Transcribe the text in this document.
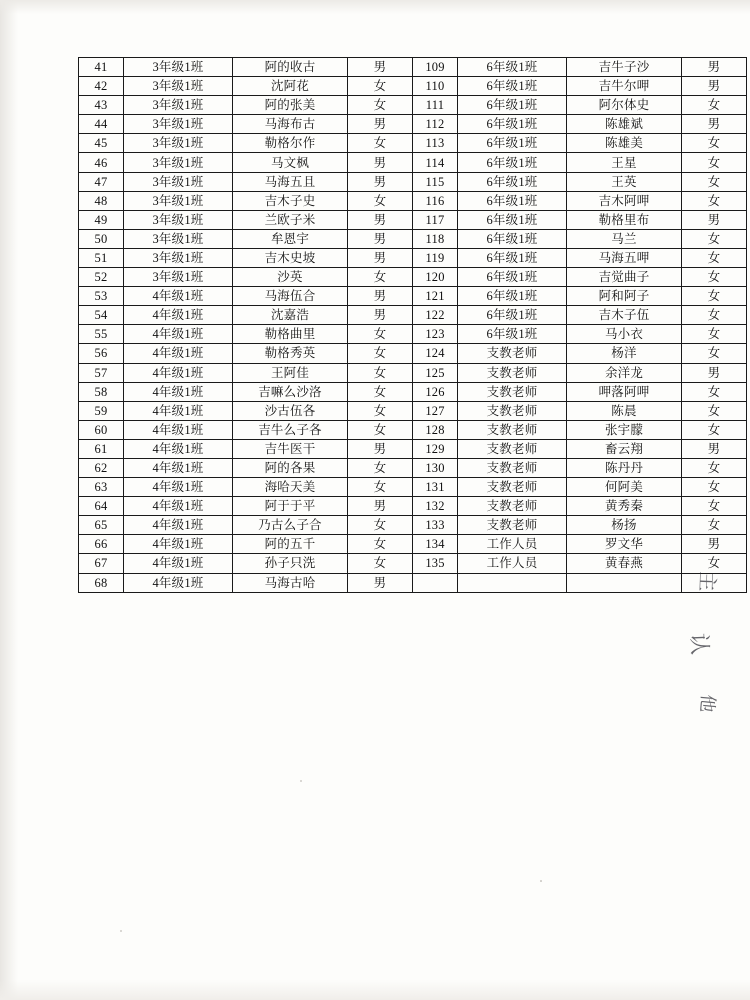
41	3年级1班	阿的收古	男	109	6年级1班	吉牛子沙	男
42	3年级1班	沈阿花	女	110	6年级1班	吉牛尔呷	男
43	3年级1班	阿的张美	女	111	6年级1班	阿尔体史	女
44	3年级1班	马海布古	男	112	6年级1班	陈雄斌	男
45	3年级1班	勒格尔作	女	113	6年级1班	陈雄美	女
46	3年级1班	马文枫	男	114	6年级1班	王星	女
47	3年级1班	马海五且	男	115	6年级1班	王英	女
48	3年级1班	吉木子史	女	116	6年级1班	吉木阿呷	女
49	3年级1班	兰欧子米	男	117	6年级1班	勒格里布	男
50	3年级1班	牟恩宇	男	118	6年级1班	马兰	女
51	3年级1班	吉木史坡	男	119	6年级1班	马海五呷	女
52	3年级1班	沙英	女	120	6年级1班	吉觉曲子	女
53	4年级1班	马海伍合	男	121	6年级1班	阿和阿子	女
54	4年级1班	沈嘉浩	男	122	6年级1班	吉木子伍	女
55	4年级1班	勒格曲里	女	123	6年级1班	马小衣	女
56	4年级1班	勒格秀英	女	124	支教老师	杨洋	女
57	4年级1班	王阿佳	女	125	支教老师	余洋龙	男
58	4年级1班	吉嘛么沙洛	女	126	支教老师	呷落阿呷	女
59	4年级1班	沙古伍各	女	127	支教老师	陈晨	女
60	4年级1班	吉牛么子各	女	128	支教老师	张宇朦	女
61	4年级1班	吉牛医干	男	129	支教老师	畜云翔	男
62	4年级1班	阿的各果	女	130	支教老师	陈丹丹	女
63	4年级1班	海哈天美	女	131	支教老师	何阿美	女
64	4年级1班	阿于于平	男	132	支教老师	黄秀秦	女
65	4年级1班	乃古么子合	女	133	支教老师	杨扬	女
66	4年级1班	阿的五千	女	134	工作人员	罗文华	男
67	4年级1班	孙子只洗	女	135	工作人员	黄春燕	女
68	4年级1班	马海古哈	男					主
认
他
